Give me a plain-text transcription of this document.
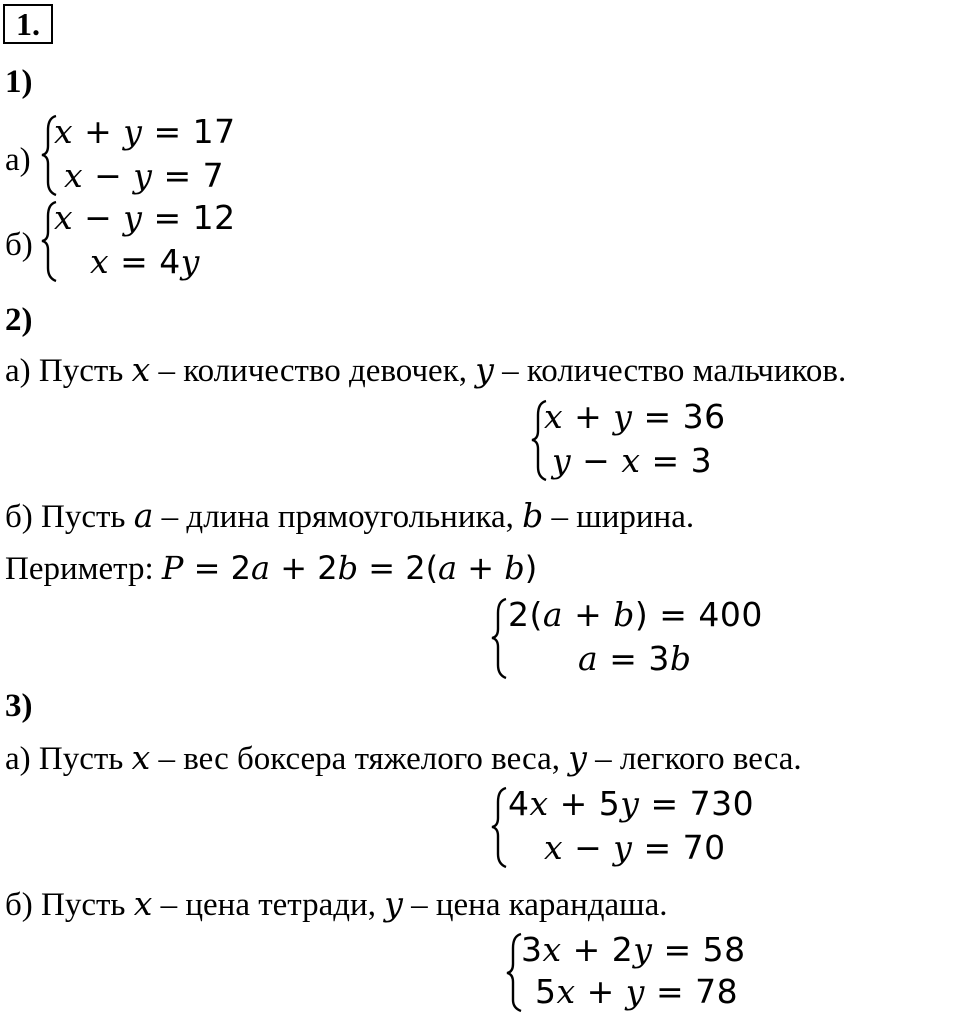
1.
1)
а)
x + y = 17
x − y = 7
б)
x − y = 12
x = 4y
2)
а) Пусть x – количество девочек, y – количество мальчиков.
x + y = 36
y − x = 3
б) Пусть a – длина прямоугольника, b – ширина.
Периметр: P = 2a + 2b = 2(a + b)
2(a + b) = 400
a = 3b
3)
а) Пусть x – вес боксера тяжелого веса, y – легкого веса.
4x + 5y = 730
x − y = 70
б) Пусть x – цена тетради, y – цена карандаша.
3x + 2y = 58
5x + y = 78
